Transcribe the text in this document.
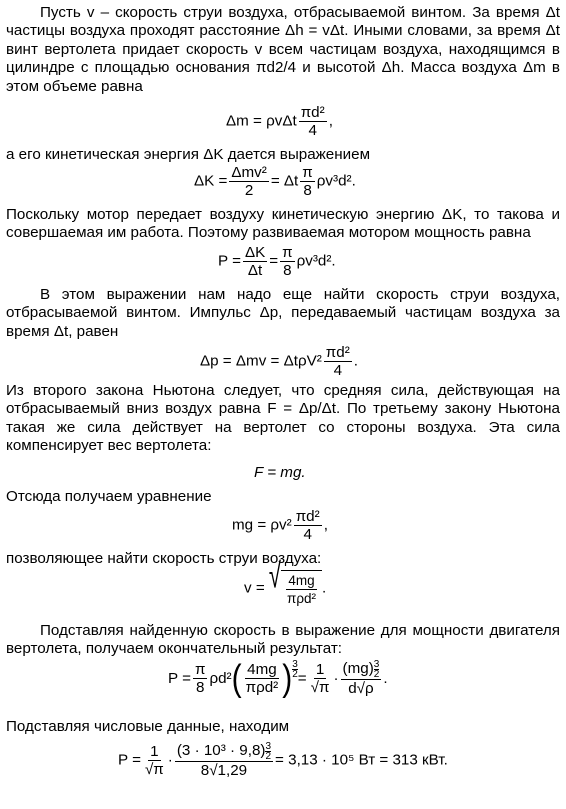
Пусть v – скорость струи воздуха, отбрасываемой винтом. За время Δt частицы воздуха проходят расстояние Δh = vΔt. Иными словами, за время Δt винт вертолета придает скорость v всем частицам воздуха, находящимся в цилиндре с площадью основания πd2/4 и высотой Δh. Масса воздуха Δm в этом объеме равна
Δm = ρvΔt $\frac{\text{πd²}}{4}$ ,
а его кинетическая энергия ΔK дается выражением
$\Delta K = \frac{\text{Δmv²}}{2} = \Delta t \frac{\pi}{8} \rho v^3d^2$.
Поскольку мотор передает воздуху кинетическую энергию ΔK, то такова и совершаемая им работа. Поэтому развиваемая мотором мощность равна
$P = \frac{\Delta K}{\Delta t} = \frac{\pi}{8} \rho v^3d^2$.
В этом выражении нам надо еще найти скорость струи воздуха, отбрасываемой винтом. Импульс Δp, передаваемый частицам воздуха за время Δt, равен
$\Delta p = \Delta mv = \Delta t\rho V^2 \frac{\text{πd²}}{4}$ .
Из второго закона Ньютона следует, что средняя сила, действующая на отбрасываемый вниз воздух равна F = Δp/Δt. По третьему закону Ньютона такая же сила действует на вертолет со стороны воздуха. Эта сила компенсирует вес вертолета:
F = mg.
Отсюда получаем уравнение
mg = $\rho v^2 \frac{\text{πd²}}{4}$ ,
позволяющее найти скорость струи воздуха:
v = √ $\frac{4mg}{\text{πρd²}}$ .
Подставляя найденную скорость в выражение для мощности двигателя вертолета, получаем окончательный результат:
$P = \frac{\pi}{8} \rho d^2( \frac{4mg}{\text{πρd²}}$ ) $\frac{3}{2} = \frac{1}{√\pi} \cdot \frac{(mg) \frac{3}{2}}{d√\rho}$ .
Подставляя числовые данные, находим
$P = \frac{1}{√\pi} \cdot \frac{(3 \cdot 10^3 \cdot 9,8) \frac{3}{2}}{8√1,29} = 3,13 \cdot 10^5$ Вт = 313 кВт.
